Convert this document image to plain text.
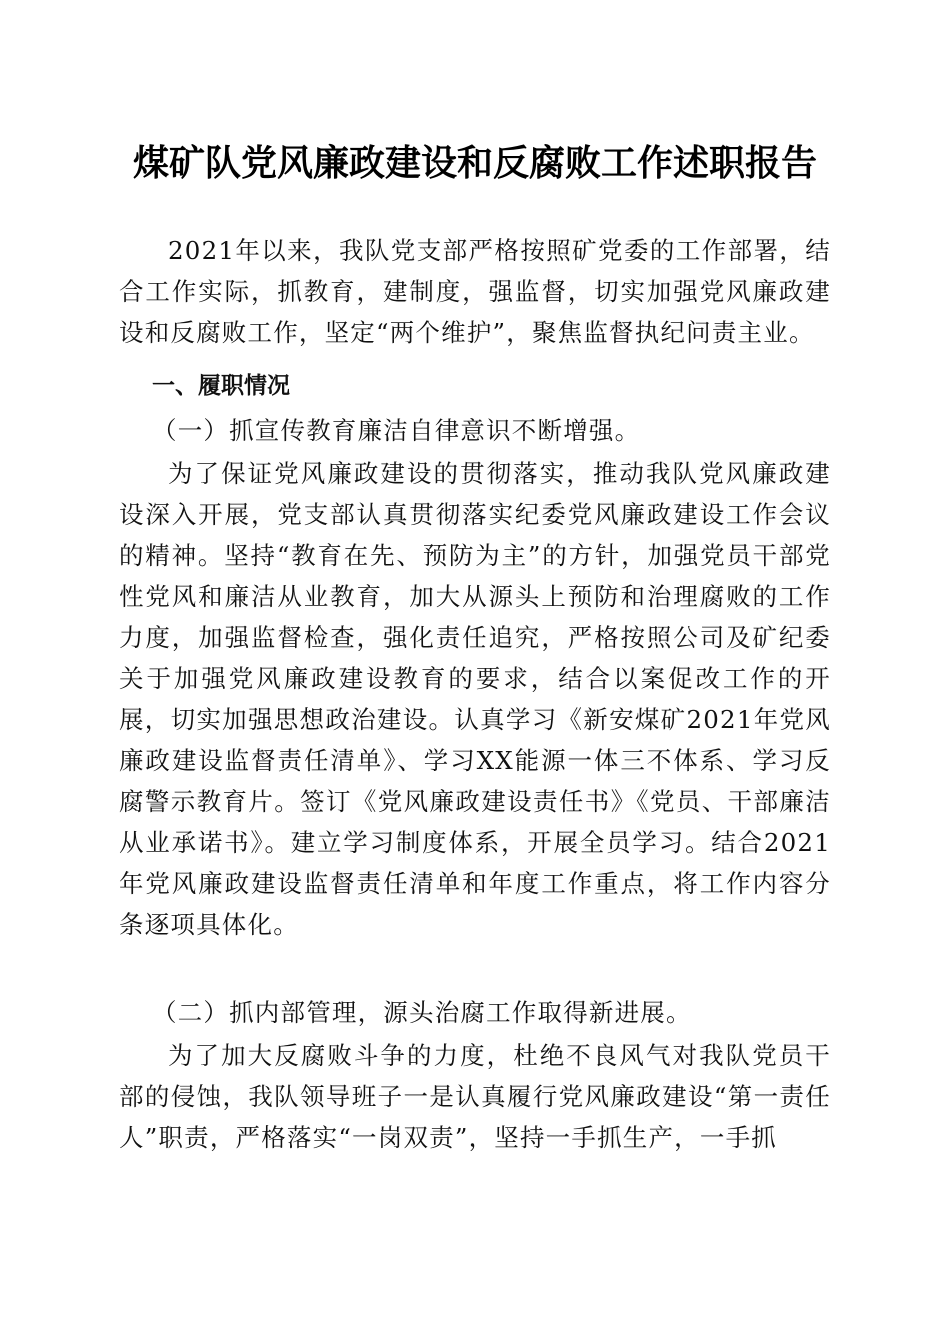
煤矿队党风廉政建设和反腐败工作述职报告
2021年以来，我队党支部严格按照矿党委的工作部署，结合工作实际，抓教育，建制度，强监督，切实加强党风廉政建设和反腐败工作，坚定“两个维护”，聚焦监督执纪问责主业。
一、履职情况
（一）抓宣传教育廉洁自律意识不断增强。
为了保证党风廉政建设的贯彻落实，推动我队党风廉政建设深入开展，党支部认真贯彻落实纪委党风廉政建设工作会议的精神。坚持“教育在先、预防为主”的方针，加强党员干部党性党风和廉洁从业教育，加大从源头上预防和治理腐败的工作力度，加强监督检查，强化责任追究，严格按照公司及矿纪委关于加强党风廉政建设教育的要求，结合以案促改工作的开展，切实加强思想政治建设。认真学习《新安煤矿2021年党风廉政建设监督责任清单》、学习XX能源一体三不体系、学习反腐警示教育片。签订《党风廉政建设责任书》《党员、干部廉洁从业承诺书》。建立学习制度体系，开展全员学习。结合2021年党风廉政建设监督责任清单和年度工作重点，将工作内容分条逐项具体化。
（二）抓内部管理，源头治腐工作取得新进展。
为了加大反腐败斗争的力度，杜绝不良风气对我队党员干部的侵蚀，我队领导班子一是认真履行党风廉政建设“第一责任人”职责，严格落实“一岗双责”，坚持一手抓生产，一手抓
